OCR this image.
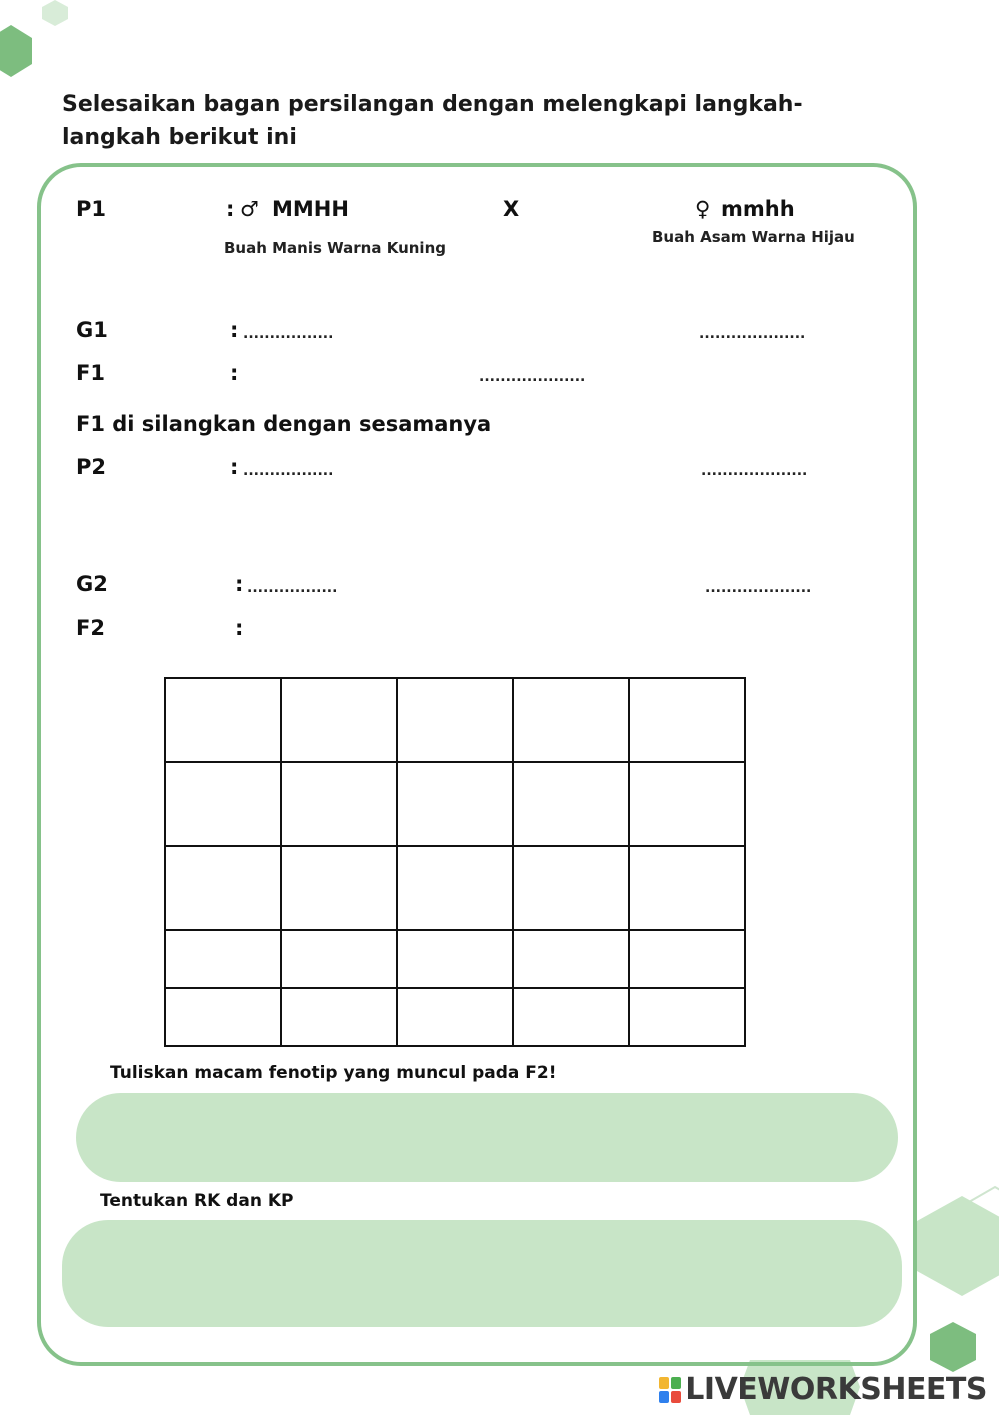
Selesaikan bagan persilangan dengan melengkapi langkah-langkah berikut ini
P1	: ♂ MMHH	X	♀ mmhh
Buah Manis Warna Kuning
Buah Asam Warna Hijau
G1	: .................	....................
F1	:	....................
F1 di silangkan dengan sesamanya
P2	: .................	....................
G2	: .................	....................
F2	:

Tuliskan macam fenotip yang muncul pada F2!
Tentukan RK dan KP
LIVEWORKSHEETS
